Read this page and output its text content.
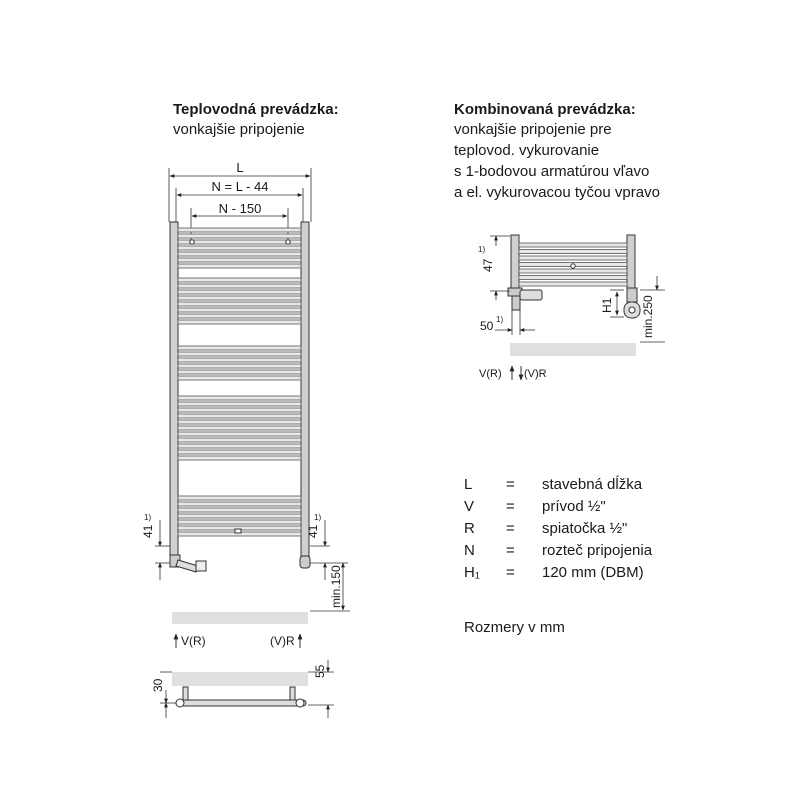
Teplovodná prevádzka:
vonkajšie pripojenie
Kombinovaná prevádzka:
vonkajšie pripojenie pre
teplovod. vykurovanie
s 1-bodovou armatúrou vľavo
a el. vykurovacou tyčou vpravo
41
1)
41
1)
min.150
L
N = L - 44
N - 150
V(R)	(V)R
30
55
47
1)
50 1)
H1 min.250
V(R) (V)R
L	=	stavebná dĺžka
V	=	prívod ½"
R	=	spiatočka ½"
N	=	rozteč pripojenia
H₁	=	120 mm (DBM)
Rozmery v mm
